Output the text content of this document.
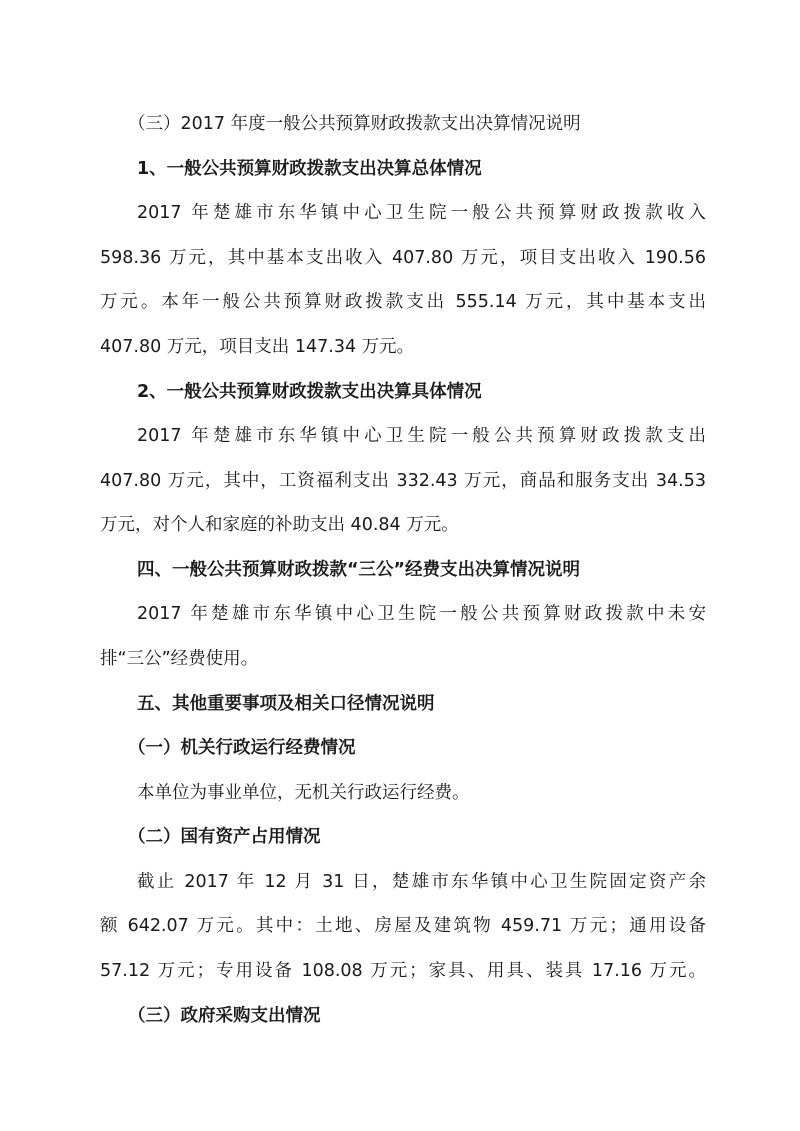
（三）2017 年度一般公共预算财政拨款支出决算情况说明
1、一般公共预算财政拨款支出决算总体情况
2017 年楚雄市东华镇中心卫生院一般公共预算财政拨款收入
598.36 万元，其中基本支出收入 407.80 万元，项目支出收入 190.56
万元。本年一般公共预算财政拨款支出 555.14 万元，其中基本支出
407.80 万元，项目支出 147.34 万元。
2、一般公共预算财政拨款支出决算具体情况
2017 年楚雄市东华镇中心卫生院一般公共预算财政拨款支出
407.80 万元，其中，工资福利支出 332.43 万元，商品和服务支出 34.53
万元，对个人和家庭的补助支出 40.84 万元。
四、一般公共预算财政拨款“三公”经费支出决算情况说明
2017 年楚雄市东华镇中心卫生院一般公共预算财政拨款中未安
排“三公”经费使用。
五、其他重要事项及相关口径情况说明
（一）机关行政运行经费情况
本单位为事业单位，无机关行政运行经费。
（二）国有资产占用情况
截止 2017 年 12 月 31 日，楚雄市东华镇中心卫生院固定资产余
额 642.07 万元。其中：土地、房屋及建筑物 459.71 万元；通用设备
57.12 万元；专用设备 108.08 万元；家具、用具、装具 17.16 万元。
（三）政府采购支出情况
